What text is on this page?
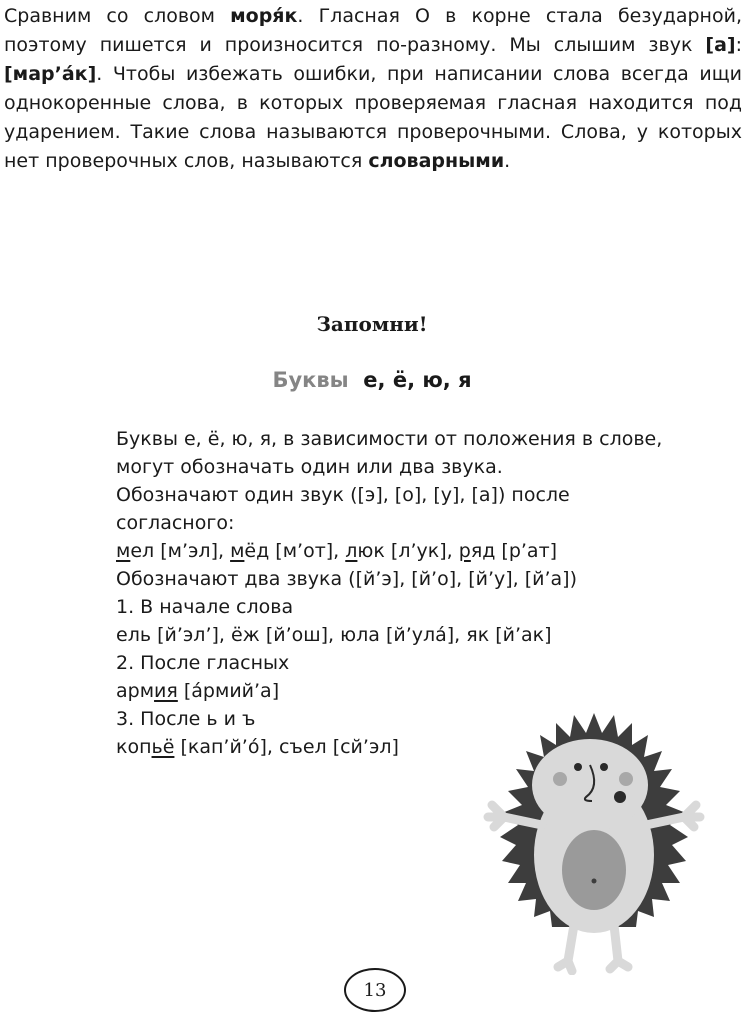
Сравним со словом моря́к. Гласная О в корне стала безударной, поэтому пишется и произносится по-разному. Мы слышим звук [а]: [мар’а́к]. Чтобы избежать ошибки, при написании слова всегда ищи однокоренные слова, в которых проверяемая гласная находится под ударением. Такие слова называются проверочными. Слова, у которых нет проверочных слов, называются словарными.

Запомни!
Буквы е, ё, ю, я

Буквы е, ё, ю, я, в зависимости от положения в слове, могут обозначать один или два звука.

Обозначают один звук ([э], [о], [у], [а]) после согласного:

мел [м’эл], мёд [м’от], люк [л’ук], ряд [р’ат]

Обозначают два звука ([й’э], [й’о], [й’у], [й’а])

1. В начале слова

ель [й’эл’], ёж [й’ош], юла [й’ула́], як [й’ак]

2. После гласных

армия [а́рмий’а]

3. После ь и ъ

копьё [кап’й’о́], съел [сй’эл]

13
